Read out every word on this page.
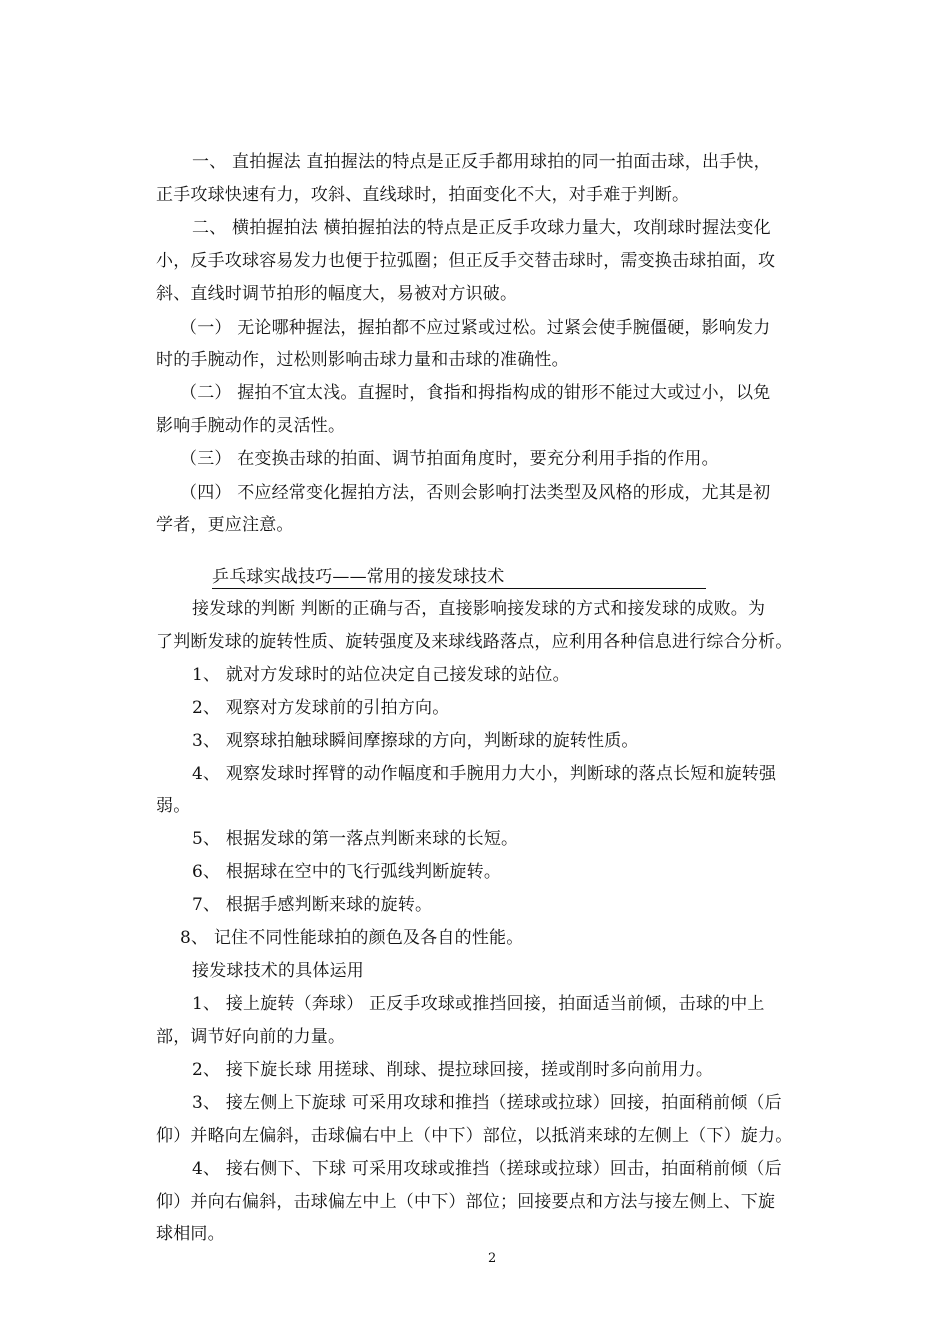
一、 直拍握法 直拍握法的特点是正反手都用球拍的同一拍面击球，出手快，
正手攻球快速有力，攻斜、直线球时，拍面变化不大，对手难于判断。
二、 横拍握拍法 横拍握拍法的特点是正反手攻球力量大，攻削球时握法变化
小，反手攻球容易发力也便于拉弧圈；但正反手交替击球时，需变换击球拍面，攻
斜、直线时调节拍形的幅度大，易被对方识破。
（一） 无论哪种握法，握拍都不应过紧或过松。过紧会使手腕僵硬，影响发力
时的手腕动作，过松则影响击球力量和击球的准确性。
（二） 握拍不宜太浅。直握时，食指和拇指构成的钳形不能过大或过小，以免
影响手腕动作的灵活性。
（三） 在变换击球的拍面、调节拍面角度时，要充分利用手指的作用。
（四） 不应经常变化握拍方法，否则会影响打法类型及风格的形成，尤其是初
学者，更应注意。
乒乓球实战技巧——常用的接发球技术
接发球的判断 判断的正确与否，直接影响接发球的方式和接发球的成败。为
了判断发球的旋转性质、旋转强度及来球线路落点，应利用各种信息进行综合分析。
1、 就对方发球时的站位决定自己接发球的站位。
2、 观察对方发球前的引拍方向。
3、 观察球拍触球瞬间摩擦球的方向，判断球的旋转性质。
4、 观察发球时挥臂的动作幅度和手腕用力大小，判断球的落点长短和旋转强
弱。
5、 根据发球的第一落点判断来球的长短。
6、 根据球在空中的飞行弧线判断旋转。
7、 根据手感判断来球的旋转。
8、 记住不同性能球拍的颜色及各自的性能。
接发球技术的具体运用
1、 接上旋转（奔球） 正反手攻球或推挡回接，拍面适当前倾，击球的中上
部，调节好向前的力量。
2、 接下旋长球 用搓球、削球、提拉球回接，搓或削时多向前用力。
3、 接左侧上下旋球 可采用攻球和推挡（搓球或拉球）回接，拍面稍前倾（后
仰）并略向左偏斜，击球偏右中上（中下）部位，以抵消来球的左侧上（下）旋力。
4、 接右侧下、下球 可采用攻球或推挡（搓球或拉球）回击，拍面稍前倾（后
仰）并向右偏斜，击球偏左中上（中下）部位；回接要点和方法与接左侧上、下旋
球相同。
2
